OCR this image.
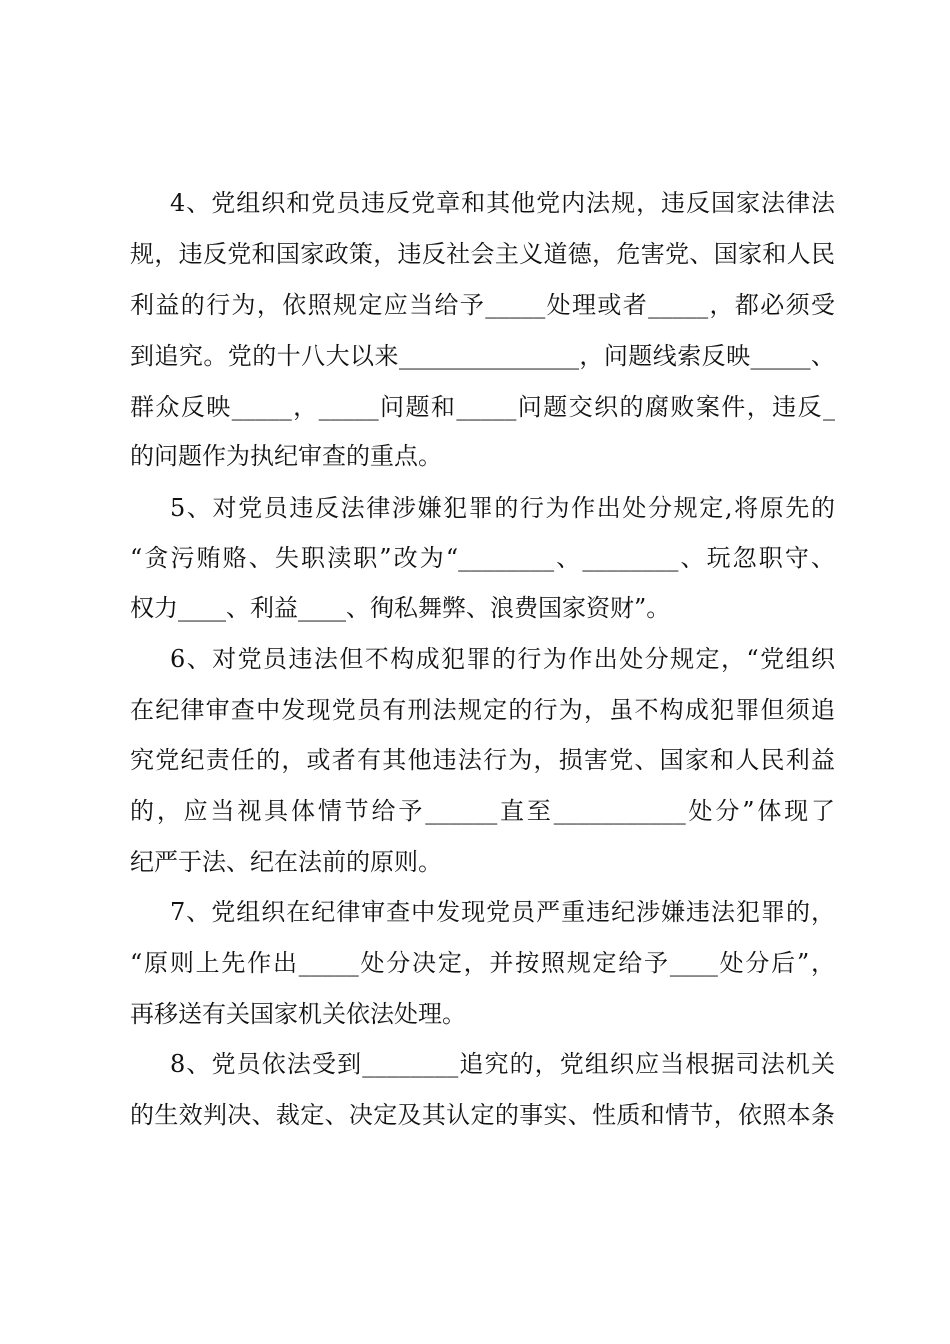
4、党组织和党员违反党章和其他党内法规，违反国家法律法
规，违反党和国家政策，违反社会主义道德，危害党、国家和人民
利益的行为，依照规定应当给予_____处理或者_____，都必须受
到追究。党的十八大以来_______________，问题线索反映_____、
群众反映_____，_____问题和_____问题交织的腐败案件，违反_
的问题作为执纪审查的重点。
5、对党员违反法律涉嫌犯罪的行为作出处分规定,将原先的
“贪污贿赂、失职渎职”改为“________、________、玩忽职守、
权力____、利益____、徇私舞弊、浪费国家资财”。
6、对党员违法但不构成犯罪的行为作出处分规定，“党组织
在纪律审查中发现党员有刑法规定的行为，虽不构成犯罪但须追
究党纪责任的，或者有其他违法行为，损害党、国家和人民利益
的，应当视具体情节给予______直至___________处分”体现了
纪严于法、纪在法前的原则。
7、党组织在纪律审查中发现党员严重违纪涉嫌违法犯罪的，
“原则上先作出_____处分决定，并按照规定给予____处分后”，
再移送有关国家机关依法处理。
8、党员依法受到________追究的，党组织应当根据司法机关
的生效判决、裁定、决定及其认定的事实、性质和情节，依照本条
